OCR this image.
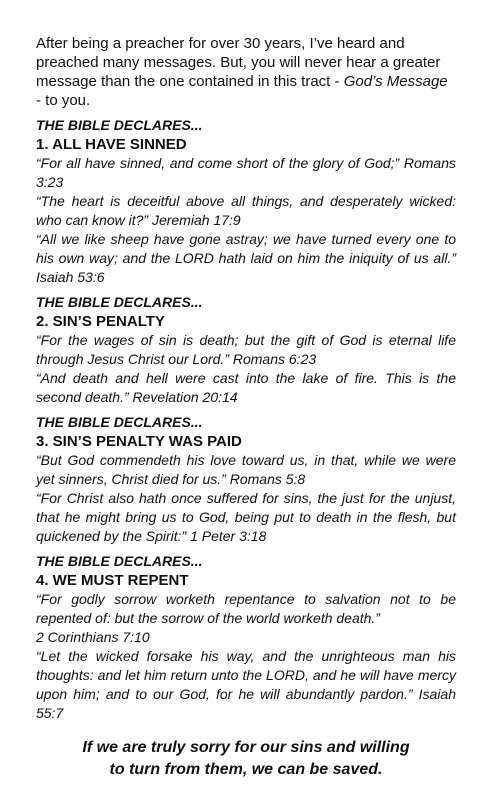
After being a preacher for over 30 years, I’ve heard and preached many messages. But, you will never hear a greater message than the one contained in this tract - God’s Message - to you.

THE BIBLE DECLARES...
1. ALL HAVE SINNED
“For all have sinned, and come short of the glory of God;” Romans 3:23
“The heart is deceitful above all things, and desperately wicked: who can know it?” Jeremiah 17:9
“All we like sheep have gone astray; we have turned every one to his own way; and the LORD hath laid on him the iniquity of us all.” Isaiah 53:6
THE BIBLE DECLARES...
2. SIN’S PENALTY
“For the wages of sin is death; but the gift of God is eternal life through Jesus Christ our Lord.” Romans 6:23
“And death and hell were cast into the lake of fire. This is the second death.” Revelation 20:14
THE BIBLE DECLARES...
3. SIN’S PENALTY WAS PAID
“But God commendeth his love toward us, in that, while we were yet sinners, Christ died for us.” Romans 5:8
“For Christ also hath once suffered for sins, the just for the unjust, that he might bring us to God, being put to death in the flesh, but quickened by the Spirit:” 1 Peter 3:18
THE BIBLE DECLARES...
4. WE MUST REPENT
“For godly sorrow worketh repentance to salvation not to be repented of: but the sorrow of the world worketh death.”
2 Corinthians 7:10
“Let the wicked forsake his way, and the unrighteous man his thoughts: and let him return unto the LORD, and he will have mercy upon him; and to our God, for he will abundantly pardon.” Isaiah 55:7
If we are truly sorry for our sins and willing
to turn from them, we can be saved.
